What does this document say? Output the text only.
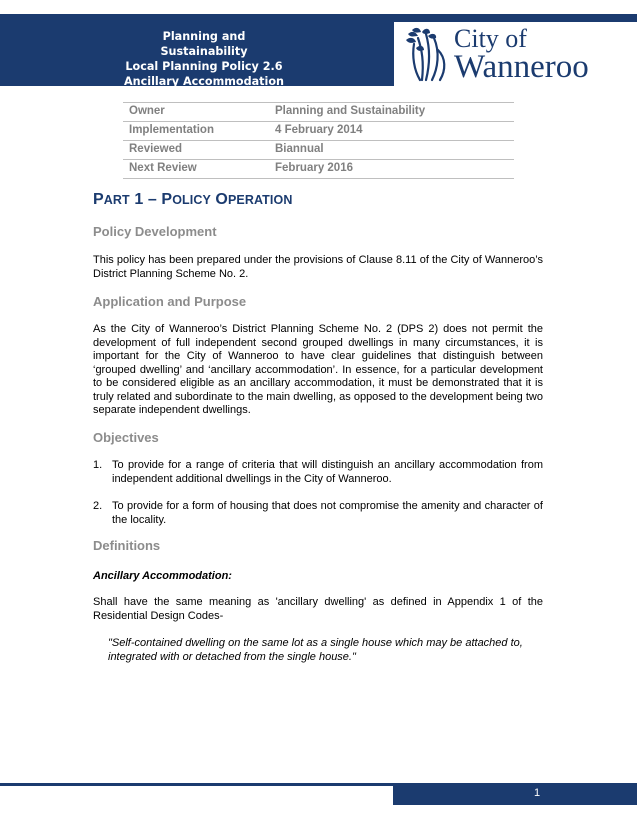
Planning and Sustainability
Local Planning Policy 2.6
Ancillary Accommodation
City of
Wanneroo
Owner	Planning and Sustainability
Implementation	4 February 2014
Reviewed	Biannual
Next Review	February 2016
PART 1 – POLICY OPERATION
Policy Development
This policy has been prepared under the provisions of Clause 8.11 of the City of Wanneroo’s District Planning Scheme No. 2.
Application and Purpose
As the City of Wanneroo’s District Planning Scheme No. 2 (DPS 2) does not permit the development of full independent second grouped dwellings in many circumstances, it is important for the City of Wanneroo to have clear guidelines that distinguish between ‘grouped dwelling’ and ‘ancillary accommodation’. In essence, for a particular development to be considered eligible as an ancillary accommodation, it must be demonstrated that it is truly related and subordinate to the main dwelling, as opposed to the development being two separate independent dwellings.
Objectives
1. To provide for a range of criteria that will distinguish an ancillary accommodation from independent additional dwellings in the City of Wanneroo.
2. To provide for a form of housing that does not compromise the amenity and character of the locality.
Definitions
Ancillary Accommodation:
Shall have the same meaning as 'ancillary dwelling' as defined in Appendix 1 of the Residential Design Codes-
"Self-contained dwelling on the same lot as a single house which may be attached to, integrated with or detached from the single house."
1
